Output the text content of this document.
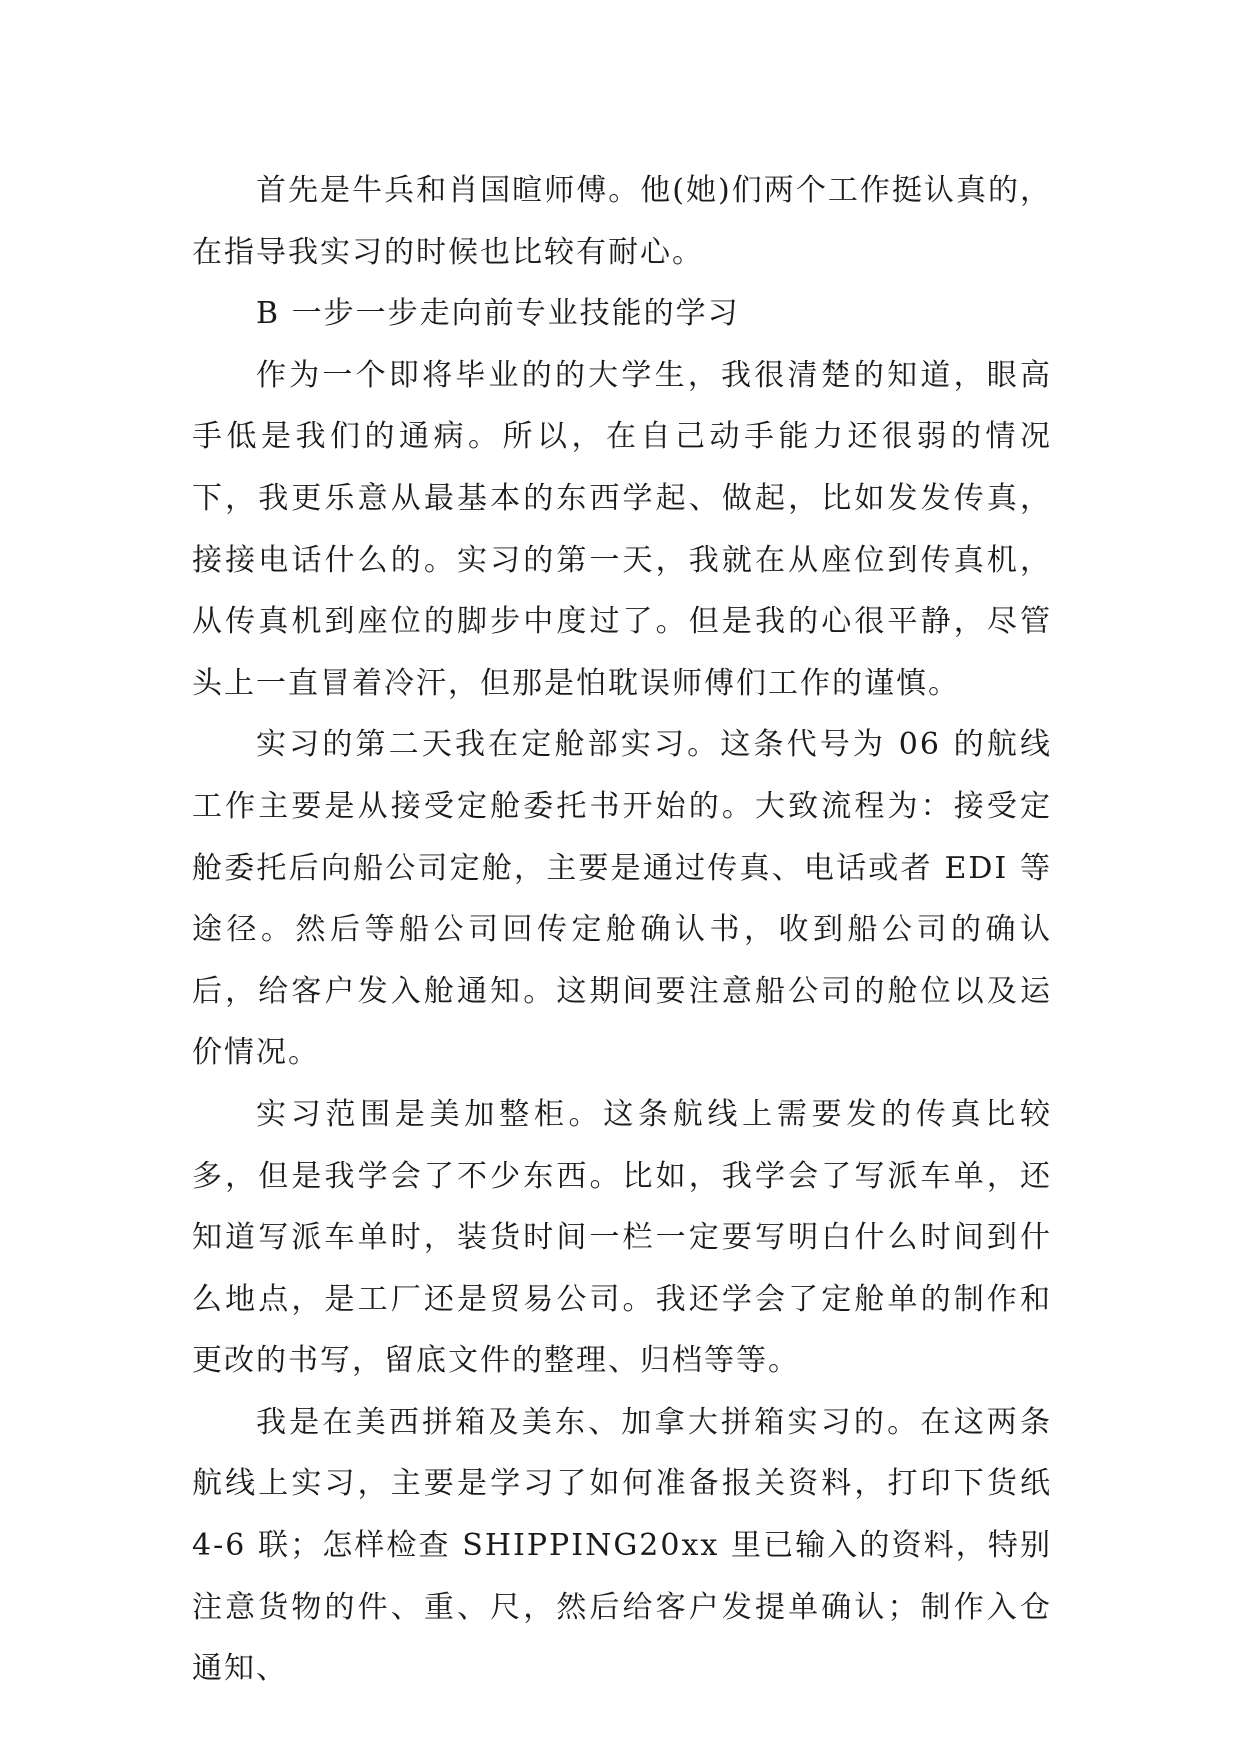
首先是牛兵和肖国暄师傅。他(她)们两个工作挺认真的，在指导我实习的时候也比较有耐心。

B 一步一步走向前专业技能的学习

作为一个即将毕业的的大学生，我很清楚的知道，眼高手低是我们的通病。所以，在自己动手能力还很弱的情况下，我更乐意从最基本的东西学起、做起，比如发发传真，接接电话什么的。实习的第一天，我就在从座位到传真机，从传真机到座位的脚步中度过了。但是我的心很平静，尽管头上一直冒着冷汗，但那是怕耽误师傅们工作的谨慎。

实习的第二天我在定舱部实习。这条代号为 06 的航线工作主要是从接受定舱委托书开始的。大致流程为：接受定舱委托后向船公司定舱，主要是通过传真、电话或者 EDI 等途径。然后等船公司回传定舱确认书，收到船公司的确认后，给客户发入舱通知。这期间要注意船公司的舱位以及运价情况。

实习范围是美加整柜。这条航线上需要发的传真比较多，但是我学会了不少东西。比如，我学会了写派车单，还知道写派车单时，装货时间一栏一定要写明白什么时间到什么地点，是工厂还是贸易公司。我还学会了定舱单的制作和更改的书写，留底文件的整理、归档等等。

我是在美西拼箱及美东、加拿大拼箱实习的。在这两条航线上实习，主要是学习了如何准备报关资料，打印下货纸 4-6 联；怎样检查 SHIPPING20xx 里已输入的资料，特别注意货物的件、重、尺，然后给客户发提单确认；制作入仓通知、
